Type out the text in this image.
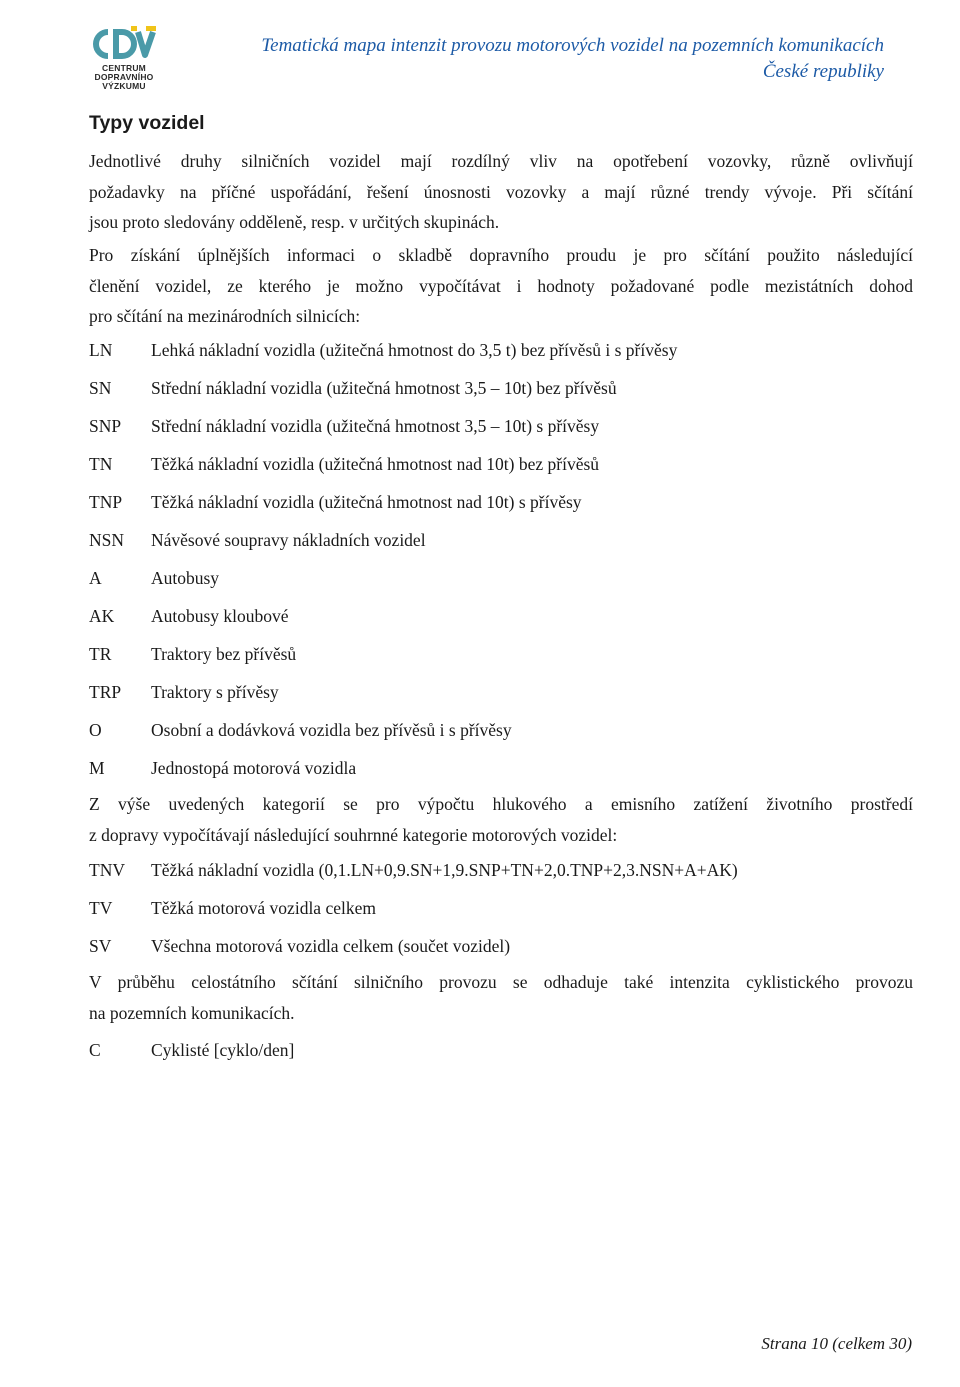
CENTRUM
DOPRAVNÍHO
VÝZKUMU
Tematická mapa intenzit provozu motorových vozidel na pozemních komunikacích
České republiky
Typy vozidel
Jednotlivé druhy silničních vozidel mají rozdílný vliv na opotřebení vozovky, různě ovlivňují
požadavky na příčné uspořádání, řešení únosnosti vozovky a mají různé trendy vývoje. Při sčítání
jsou proto sledovány odděleně, resp. v určitých skupinách.
Pro získání úplnějších informaci o skladbě dopravního proudu je pro sčítání použito následující
členění vozidel, ze kterého je možno vypočítávat i hodnoty požadované podle mezistátních dohod
pro sčítání na mezinárodních silnicích:
LN Lehká nákladní vozidla (užitečná hmotnost do 3,5 t) bez přívěsů i s přívěsy
SN Střední nákladní vozidla (užitečná hmotnost 3,5 – 10t) bez přívěsů
SNP Střední nákladní vozidla (užitečná hmotnost 3,5 – 10t) s přívěsy
TN Těžká nákladní vozidla (užitečná hmotnost nad 10t) bez přívěsů
TNP Těžká nákladní vozidla (užitečná hmotnost nad 10t) s přívěsy
NSN Návěsové soupravy nákladních vozidel
A	Autobusy
AK Autobusy kloubové
TR Traktory bez přívěsů
TRP Traktory s přívěsy
O	Osobní a dodávková vozidla bez přívěsů i s přívěsy
M	Jednostopá motorová vozidla
Z výše uvedených kategorií se pro výpočtu hlukového a emisního zatížení životního prostředí
z dopravy vypočítávají následující souhrnné kategorie motorových vozidel:
TNV Těžká nákladní vozidla (0,1.LN+0,9.SN+1,9.SNP+TN+2,0.TNP+2,3.NSN+A+AK)
TV Těžká motorová vozidla celkem
SV Všechna motorová vozidla celkem (součet vozidel)
V průběhu celostátního sčítání silničního provozu se odhaduje také intenzita cyklistického provozu
na pozemních komunikacích.
C	Cyklisté [cyklo/den]
Strana 10 (celkem 30)
